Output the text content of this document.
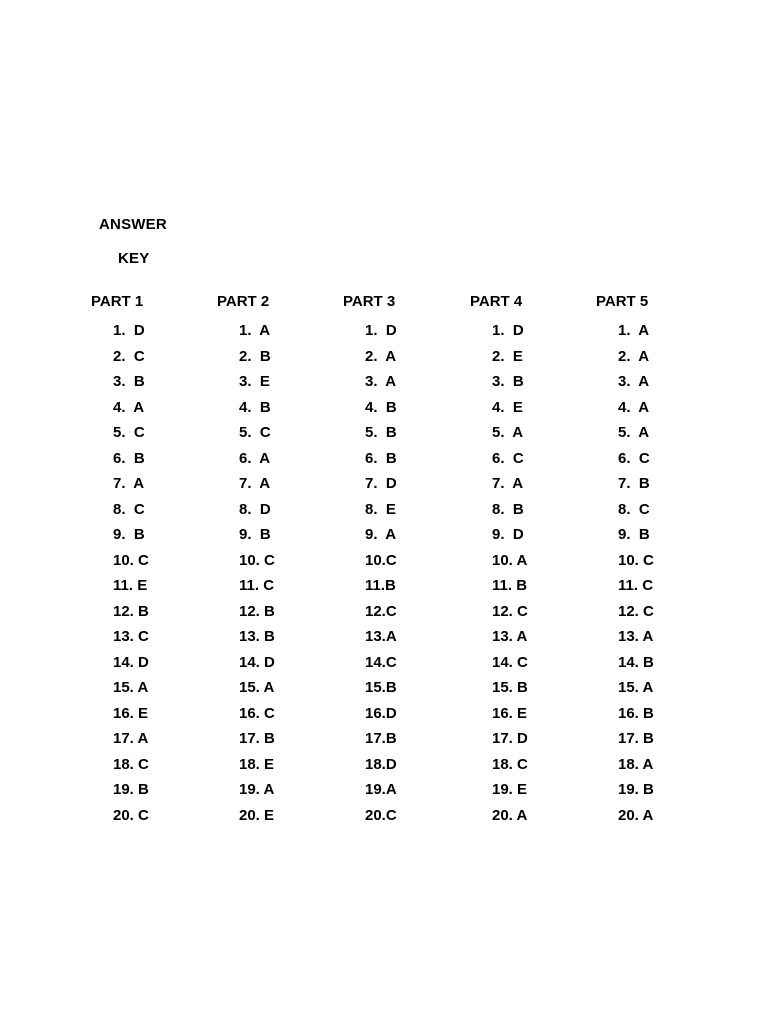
ANSWER
KEY
PART 1
1.  D
2.  C
3.  B
4.  A
5.  C
6.  B
7.  A
8.  C
9.  B
10. C
11. E
12. B
13. C
14. D
15. A
16. E
17. A
18. C
19. B
20. C
PART 2
1.  A
2.  B
3.  E
4.  B
5.  C
6.  A
7.  A
8.  D
9.  B
10. C
11. C
12. B
13. B
14. D
15. A
16. C
17. B
18. E
19. A
20. E
PART 3
1.  D
2.  A
3.  A
4.  B
5.  B
6.  B
7.  D
8.  E
9.  A
10.C
11.B
12.C
13.A
14.C
15.B
16.D
17.B
18.D
19.A
20.C
PART 4
1.  D
2.  E
3.  B
4.  E
5.  A
6.  C
7.  A
8.  B
9.  D
10. A
11. B
12. C
13. A
14. C
15. B
16. E
17. D
18. C
19. E
20. A
PART 5
1.  A
2.  A
3.  A
4.  A
5.  A
6.  C
7.  B
8.  C
9.  B
10. C
11. C
12. C
13. A
14. B
15. A
16. B
17. B
18. A
19. B
20. A
